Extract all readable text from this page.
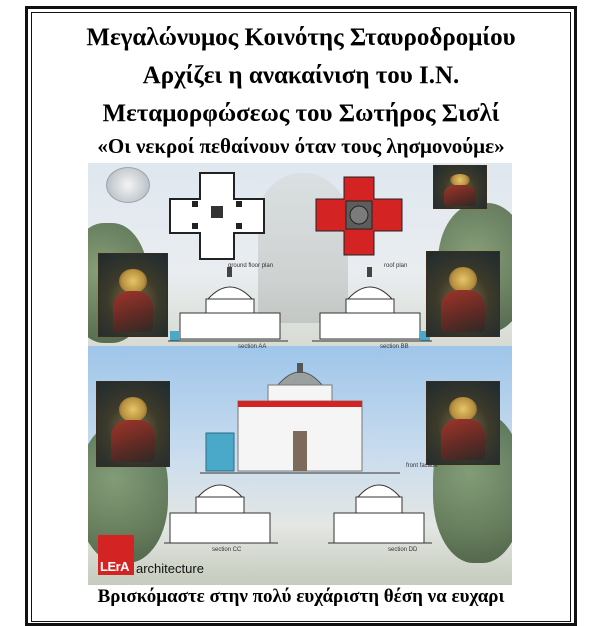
Μεγαλώνυμος Κοινότης Σταυροδρομίου
Αρχίζει η ανακαίνιση του Ι.Ν.
Μεταμορφώσεως του Σωτήρος Σισλί
«Οι νεκροί πεθαίνουν όταν τους λησμονούμε»
ground floor plan	roof plan
section AA	section BB
front facade
section CC	section DD
LErA architecture
Βρισκόμαστε στην πολύ ευχάριστη θέση να ευχαρι
